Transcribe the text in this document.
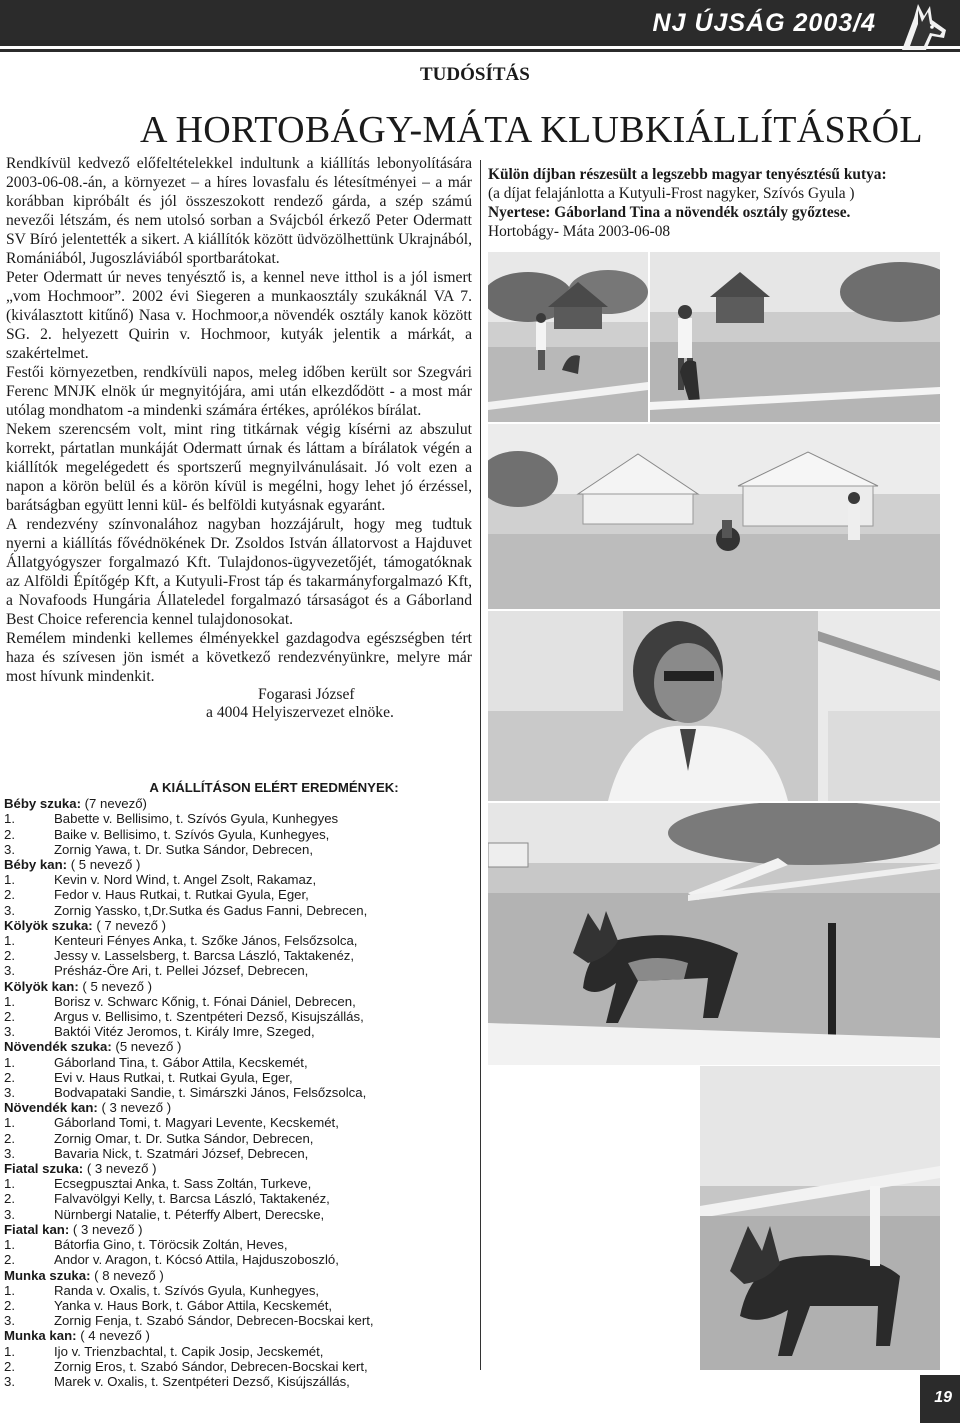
NJ ÚJSÁG 2003/4
TUDÓSÍTÁS
A HORTOBÁGY-MÁTA KLUBKIÁLLÍTÁSRÓL

Rendkívül kedvező előfeltételekkel indultunk a kiállítás lebonyolítására 2003-06-08.-án, a környezet – a híres lovasfalu és létesítményei – a már korábban kipróbált és jól összeszokott rendező gárda, a szép számú nevezői létszám, és nem utolsó sorban a Svájcból érkező Peter Odermatt SV Bíró jelentették a sikert. A kiállítók között üdvözölhettünk Ukrajnából, Romániából, Jugoszláviából sportbarátokat.

Peter Odermatt úr neves tenyésztő is, a kennel neve itthol is a jól ismert „vom Hochmoor”. 2002 évi Siegeren a munkaosztály szukáknál VA 7. (kiválasztott kitűnő) Nasa v. Hochmoor,a növendék osztály kanok között SG. 2. helyezett Quirin v. Hochmoor, kutyák jelentik a márkát, a szakértelmet.

Festői környezetben, rendkívüli napos, meleg időben került sor Szegvári Ferenc MNJK elnök úr megnyitójára, ami után elkezdődött - a most már utólag mondhatom -a mindenki számára értékes, aprólékos bírálat.

Nekem szerencsém volt, mint ring titkárnak végig kísérni az abszulut korrekt, pártatlan munkáját Odermatt úrnak és láttam a bírálatok végén a kiállítók megelégedett és sportszerű megnyilvánulásait. Jó volt ezen a napon a körön belül és a körön kívül is megélni, hogy lehet jó érzéssel, barátságban együtt lenni kül- és belföldi kutyásnak egyaránt.

A rendezvény színvonalához nagyban hozzájárult, hogy meg tudtuk nyerni a kiállítás fővédnökének Dr. Zsoldos István állatorvost a Hajduvet Állatgyógyszer forgalmazó Kft. Tulajdonos-ügyvezetőjét, támogatóknak az Alföldi Építőgép Kft, a Kutyuli-Frost táp és takarmányforgalmazó Kft, a Novafoods Hungária Állateledel forgalmazó társaságot és a Gáborland Best Choice referencia kennel tulajdonosokat.

Remélem mindenki kellemes élményekkel gazdagodva egészségben tért haza és szívesen jön ismét a következő rendezvényünkre, melyre már most hívunk mindenkit.

Fogarasi József
a 4004 Helyiszervezet elnöke.
A KIÁLLÍTÁSON ELÉRT EREDMÉNYEK:
Béby szuka: (7 nevező)
1.	Babette v. Bellisimo, t. Szívós Gyula, Kunhegyes
2.	Baike v. Bellisimo, t. Szívós Gyula, Kunhegyes,
3.	Zornig Yawa, t. Dr. Sutka Sándor, Debrecen,
Béby kan: ( 5 nevező )
1.	Kevin v. Nord Wind, t. Angel Zsolt, Rakamaz,
2.	Fedor v. Haus Rutkai, t. Rutkai Gyula, Eger,
3.	Zornig Yassko, t,Dr.Sutka és Gadus Fanni, Debrecen,
Kölyök szuka: ( 7 nevező )
1.	Kenteuri Fényes Anka, t. Szőke János, Felsőzsolca,
2.	Jessy v. Lasselsberg, t. Barcsa László, Taktakenéz,
3.	Présház-Öre Ari, t. Pellei József, Debrecen,
Kölyök kan: ( 5 nevező )
1.	Borisz v. Schwarc Kőnig, t. Fónai Dániel, Debrecen,
2.	Argus v. Bellisimo, t. Szentpéteri Dezső, Kisujszállás,
3.	Baktói Vitéz Jeromos, t. Király Imre, Szeged,
Növendék szuka: (5 nevező )
1.	Gáborland Tina, t. Gábor Attila, Kecskemét,
2.	Evi v. Haus Rutkai, t. Rutkai Gyula, Eger,
3.	Bodvapataki Sandie, t. Simárszki János, Felsőzsolca,
Növendék kan: ( 3 nevező )
1.	Gáborland Tomi, t. Magyari Levente, Kecskemét,
2.	Zornig Omar, t. Dr. Sutka Sándor, Debrecen,
3.	Bavaria Nick, t. Szatmári József, Debrecen,
Fiatal szuka: ( 3 nevező )
1.	Ecsegpusztai Anka, t. Sass Zoltán, Turkeve,
2.	Falvavölgyi Kelly, t. Barcsa László, Taktakenéz,
3.	Nürnbergi Natalie, t. Péterffy Albert, Derecske,
Fiatal kan: ( 3 nevező )
1.	Bátorfia Gino, t. Töröcsik Zoltán, Heves,
2.	Andor v. Aragon, t. Kócsó Attila, Hajduszoboszló,
Munka szuka: ( 8 nevező )
1.	Randa v. Oxalis, t. Szívós Gyula, Kunhegyes,
2.	Yanka v. Haus Bork, t. Gábor Attila, Kecskemét,
3.	Zornig Fenja, t. Szabó Sándor, Debrecen-Bocskai kert,
Munka kan: ( 4 nevező )
1.	Ijo v. Trienzbachtal, t. Capik Josip, Jecskemét,
2.	Zornig Eros, t. Szabó Sándor, Debrecen-Bocskai kert,
3.	Marek v. Oxalis, t. Szentpéteri Dezső, Kisújszállás,

Külön díjban részesült a legszebb magyar tenyésztésű kutya:

(a díjat felajánlotta a Kutyuli-Frost nagyker, Szívós Gyula )

Nyertese: Gáborland Tina a növendék osztály győztese.

Hortobágy- Máta 2003-06-08

19
